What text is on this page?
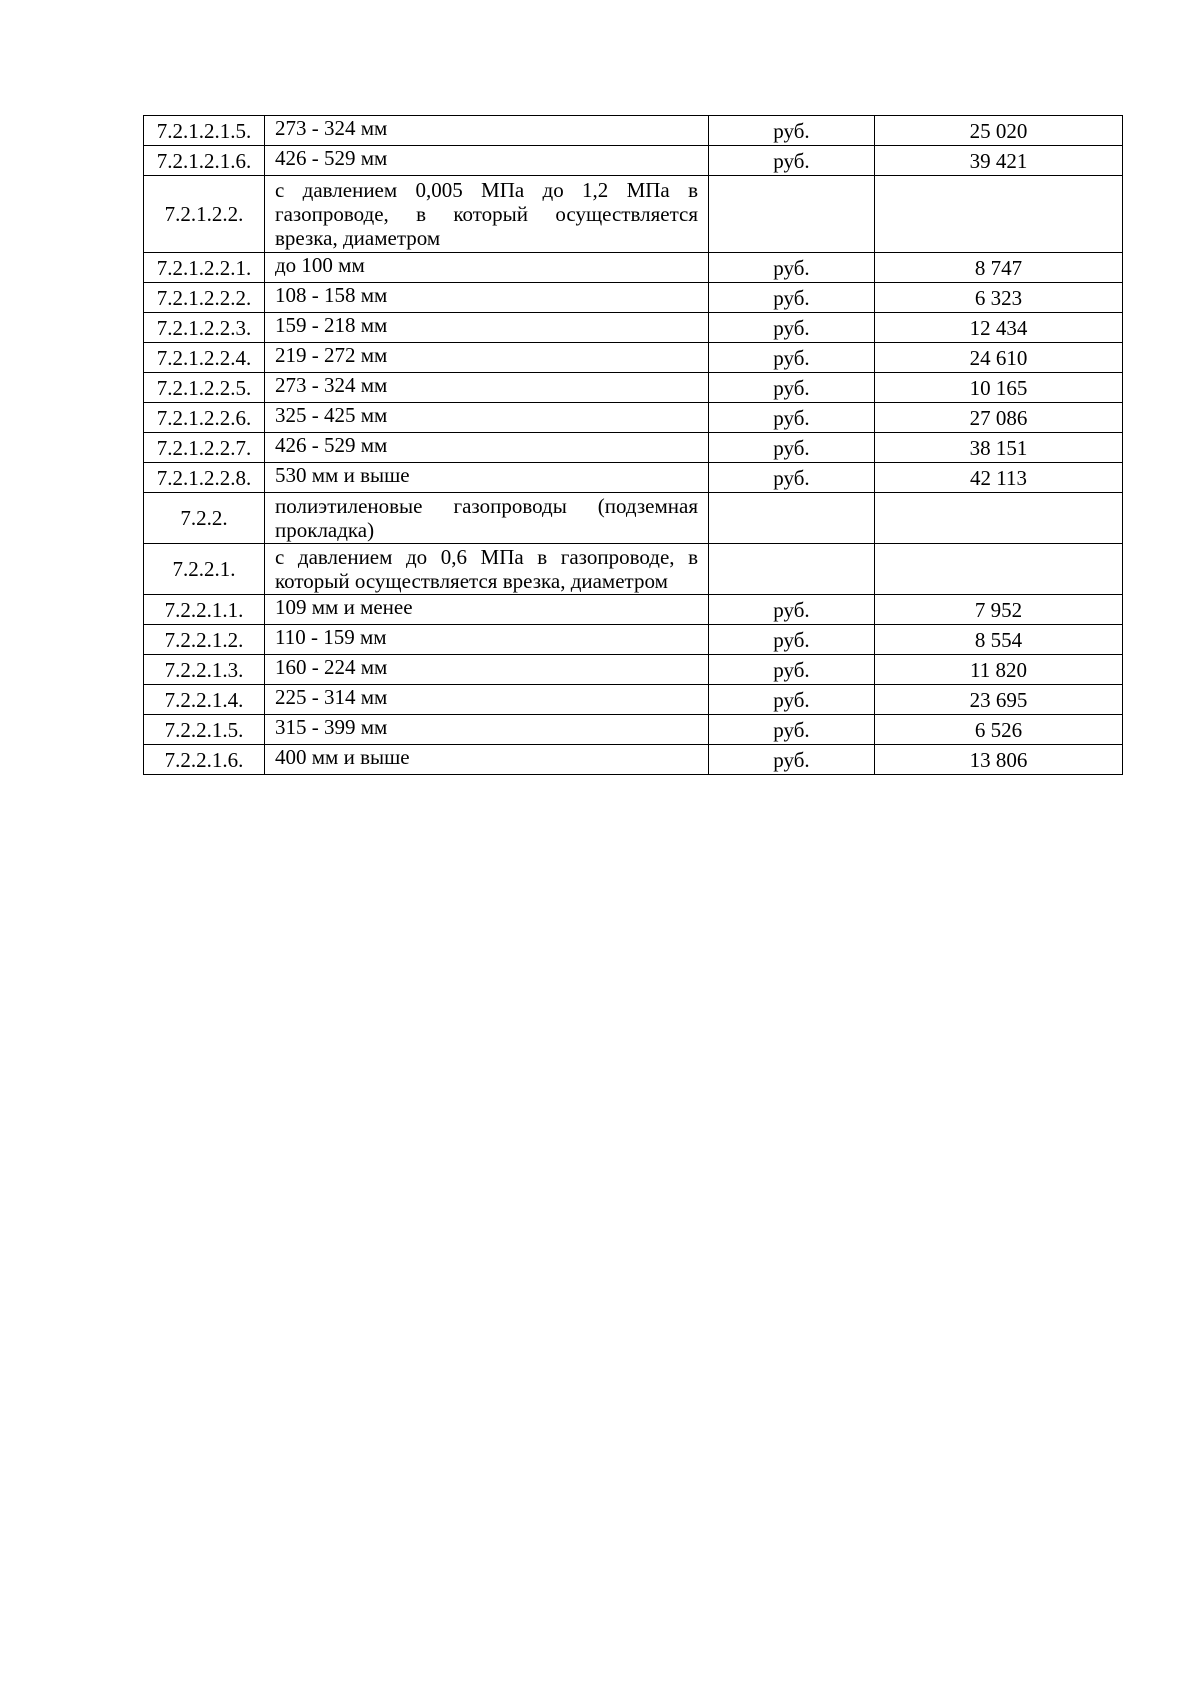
7.2.1.2.1.5.	273 - 324 мм	руб.	25 020

7.2.1.2.1.6.	426 - 529 мм	руб.	39 421

7.2.1.2.2.	с давлением 0,005 МПа до 1,2 МПа в газопроводе, в который осуществляется врезка, диаметром		

7.2.1.2.2.1.	до 100 мм	руб.	8 747

7.2.1.2.2.2.	108 - 158 мм	руб.	6 323

7.2.1.2.2.3.	159 - 218 мм	руб.	12 434

7.2.1.2.2.4.	219 - 272 мм	руб.	24 610

7.2.1.2.2.5.	273 - 324 мм	руб.	10 165

7.2.1.2.2.6.	325 - 425 мм	руб.	27 086

7.2.1.2.2.7.	426 - 529 мм	руб.	38 151

7.2.1.2.2.8.	530 мм и выше	руб.	42 113

7.2.2.	полиэтиленовые газопроводы (подземная прокладка)		

7.2.2.1.	с давлением до 0,6 МПа в газопроводе, в который осуществляется врезка, диаметром		

7.2.2.1.1.	109 мм и менее	руб.	7 952

7.2.2.1.2.	110 - 159 мм	руб.	8 554

7.2.2.1.3.	160 - 224 мм	руб.	11 820

7.2.2.1.4.	225 - 314 мм	руб.	23 695

7.2.2.1.5.	315 - 399 мм	руб.	6 526

7.2.2.1.6.	400 мм и выше	руб.	13 806
